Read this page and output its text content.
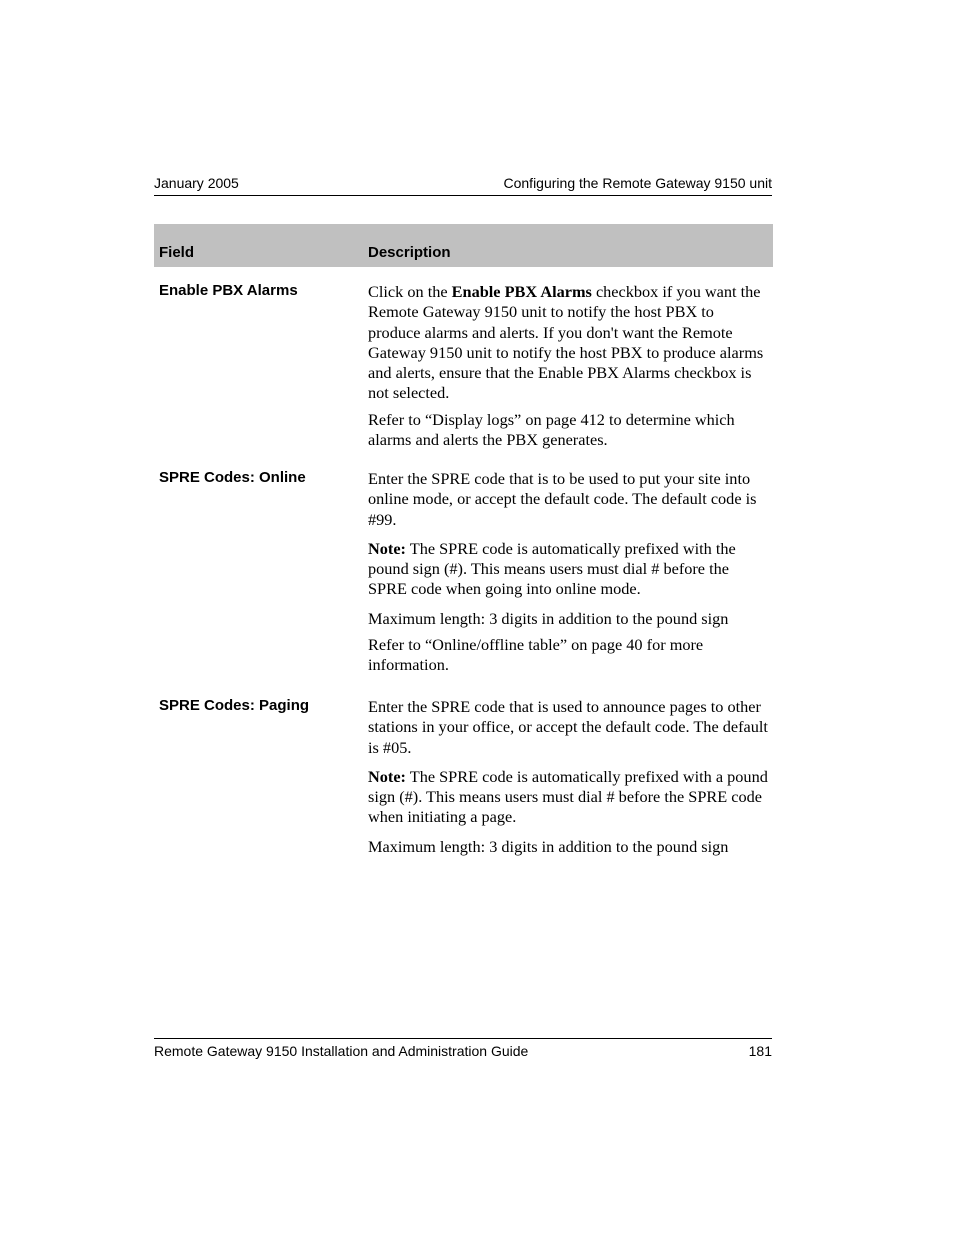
January 2005	Configuring the Remote Gateway 9150 unit
Field	Description
Enable PBX Alarms	Click on the Enable PBX Alarms checkbox if you want the Remote Gateway 9150 unit to notify the host PBX to produce alarms and alerts. If you don't want the Remote Gateway 9150 unit to notify the host PBX to produce alarms and alerts, ensure that the Enable PBX Alarms checkbox is not selected.

Refer to “Display logs” on page 412 to determine which alarms and alerts the PBX generates.

SPRE Codes: Online	Enter the SPRE code that is to be used to put your site into online mode, or accept the default code. The default code is #99.

Note: The SPRE code is automatically prefixed with the pound sign (#). This means users must dial # before the SPRE code when going into online mode.

Maximum length: 3 digits in addition to the pound sign

Refer to “Online/offline table” on page 40 for more information.

SPRE Codes: Paging	Enter the SPRE code that is used to announce pages to other stations in your office, or accept the default code. The default is #05.

Note: The SPRE code is automatically prefixed with a pound sign (#). This means users must dial # before the SPRE code when initiating a page.

Maximum length: 3 digits in addition to the pound sign

Remote Gateway 9150 Installation and Administration Guide	181
